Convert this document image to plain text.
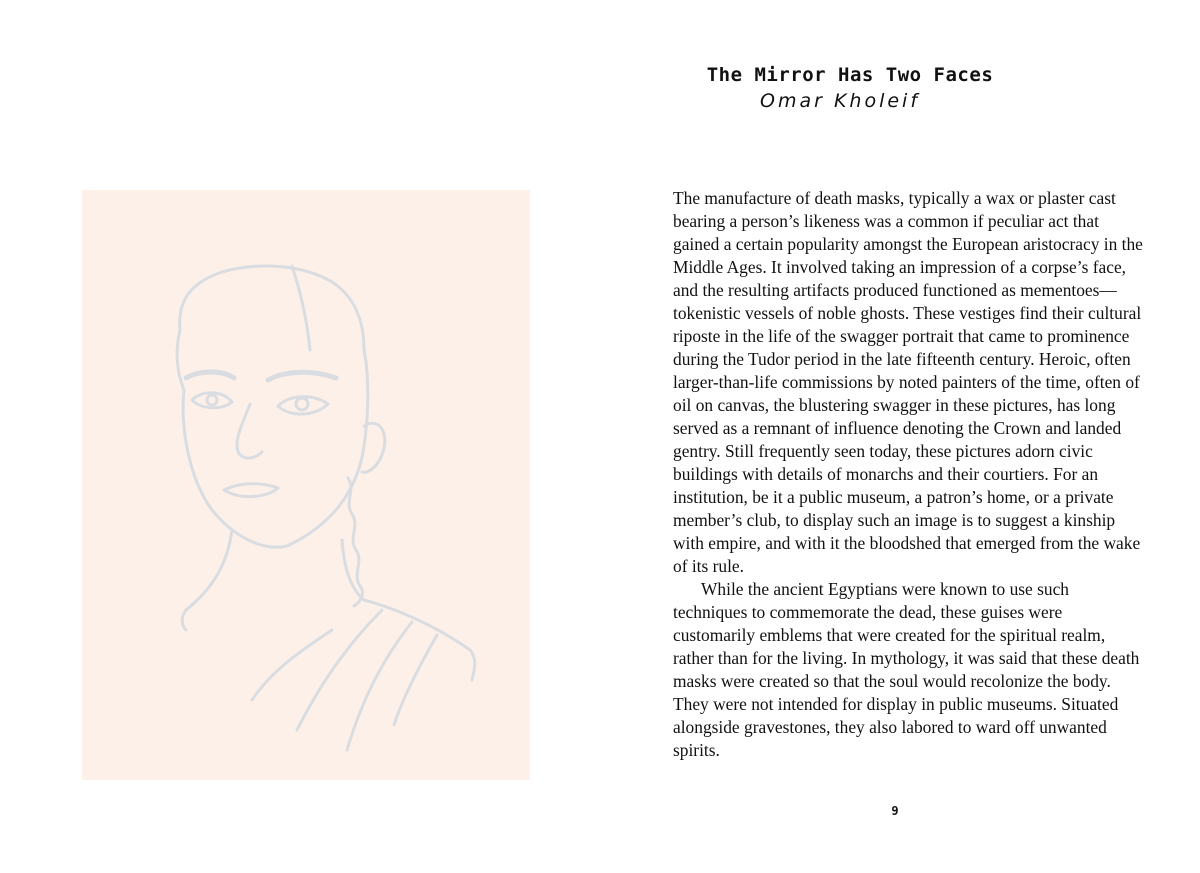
The Mirror Has Two Faces
Omar Kholeif

The manufacture of death masks, typically a wax or plaster cast bearing a person’s likeness was a common if peculiar act that gained a certain popularity amongst the European aristocracy in the Middle Ages. It involved taking an impression of a corpse’s face, and the resulting artifacts produced functioned as mementoes—tokenistic vessels of noble ghosts. These vestiges find their cultural riposte in the life of the swagger portrait that came to prominence during the Tudor period in the late fifteenth century. Heroic, often larger-than-life commissions by noted painters of the time, often of oil on canvas, the blustering swagger in these pictures, has long served as a remnant of influence denoting the Crown and landed gentry. Still frequently seen today, these pictures adorn civic buildings with details of monarchs and their courtiers. For an institution, be it a public museum, a patron’s home, or a private member’s club, to display such an image is to suggest a kinship with empire, and with it the bloodshed that emerged from the wake of its rule.

While the ancient Egyptians were known to use such techniques to commemorate the dead, these guises were customarily emblems that were created for the spiritual realm, rather than for the living. In mythology, it was said that these death masks were created so that the soul would recolonize the body. They were not intended for display in public museums. Situated alongside gravestones, they also labored to ward off unwanted spirits.

9
